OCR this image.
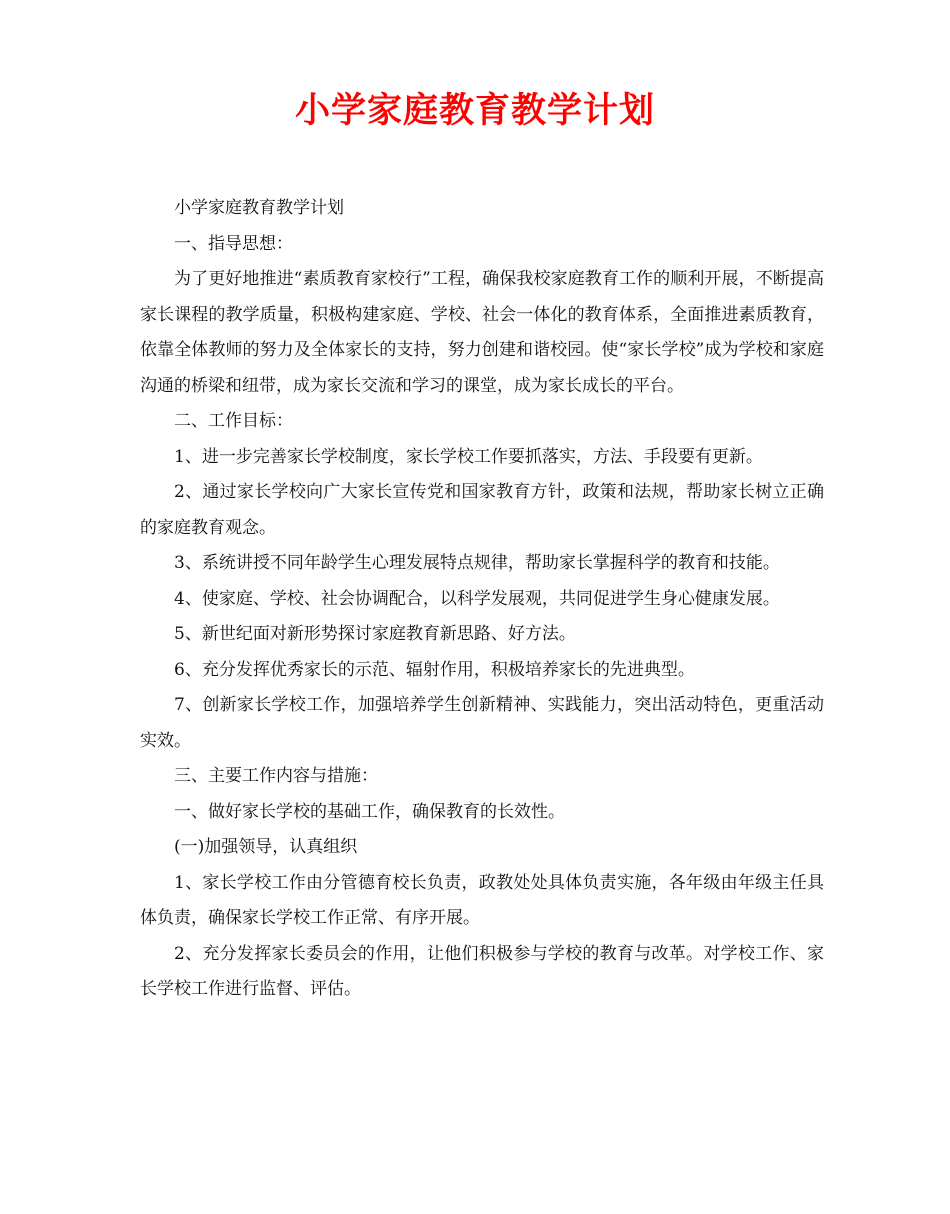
小学家庭教育教学计划

小学家庭教育教学计划

一、指导思想：

为了更好地推进“素质教育家校行”工程，确保我校家庭教育工作的顺利开展，不断提高家长课程的教学质量，积极构建家庭、学校、社会一体化的教育体系，全面推进素质教育，依靠全体教师的努力及全体家长的支持，努力创建和谐校园。使“家长学校”成为学校和家庭沟通的桥梁和纽带，成为家长交流和学习的课堂，成为家长成长的平台。

二、工作目标：

1、进一步完善家长学校制度，家长学校工作要抓落实，方法、手段要有更新。

2、通过家长学校向广大家长宣传党和国家教育方针，政策和法规，帮助家长树立正确的家庭教育观念。

3、系统讲授不同年龄学生心理发展特点规律，帮助家长掌握科学的教育和技能。

4、使家庭、学校、社会协调配合，以科学发展观，共同促进学生身心健康发展。

5、新世纪面对新形势探讨家庭教育新思路、好方法。

6、充分发挥优秀家长的示范、辐射作用，积极培养家长的先进典型。

7、创新家长学校工作，加强培养学生创新精神、实践能力，突出活动特色，更重活动实效。

三、主要工作内容与措施：

一、做好家长学校的基础工作，确保教育的长效性。

(一)加强领导，认真组织

1、家长学校工作由分管德育校长负责，政教处处具体负责实施，各年级由年级主任具体负责，确保家长学校工作正常、有序开展。

2、充分发挥家长委员会的作用，让他们积极参与学校的教育与改革。对学校工作、家长学校工作进行监督、评估。
